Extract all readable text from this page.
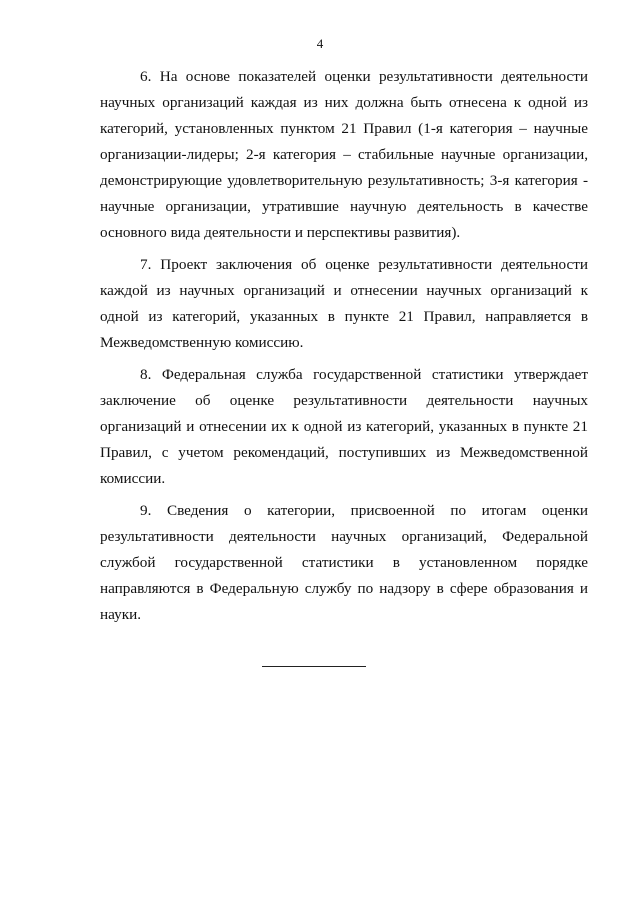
4

6. На основе показателей оценки результативности деятельности научных организаций каждая из них должна быть отнесена к одной из категорий, установленных пунктом 21 Правил (1-я категория – научные организации-лидеры; 2-я категория – стабильные научные организации, демонстрирующие удовлетворительную результативность; 3-я категория - научные организации, утратившие научную деятельность в качестве основного вида деятельности и перспективы развития).

7. Проект заключения об оценке результативности деятельности каждой из научных организаций и отнесении научных организаций к одной из категорий, указанных в пункте 21 Правил, направляется в Межведомственную комиссию.

8. Федеральная служба государственной статистики утверждает заключение об оценке результативности деятельности научных организаций и отнесении их к одной из категорий, указанных в пункте 21 Правил, с учетом рекомендаций, поступивших из Межведомственной комиссии.

9. Сведения о категории, присвоенной по итогам оценки результативности деятельности научных организаций, Федеральной службой государственной статистики в установленном порядке направляются в Федеральную службу по надзору в сфере образования и науки.
